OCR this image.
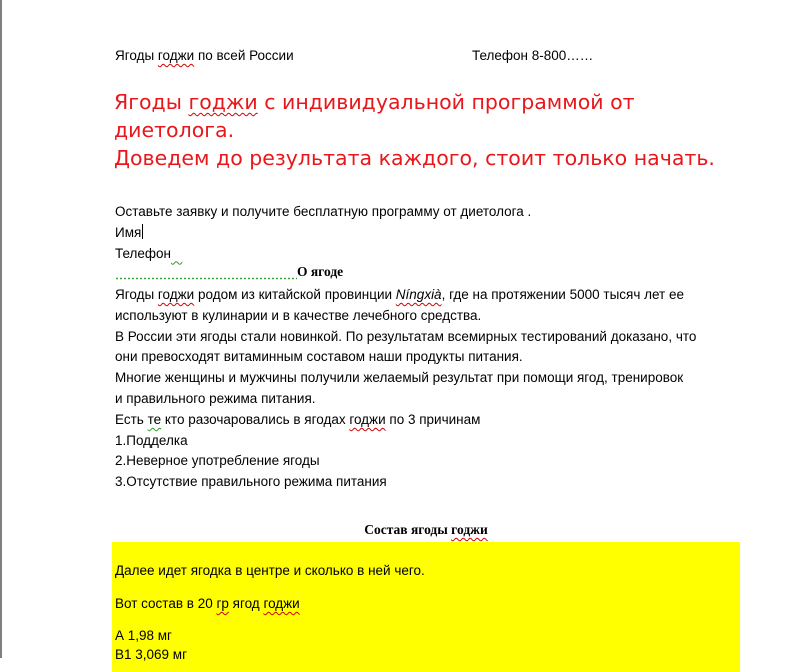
Ягоды годжи по всей России	Телефон 8-800……
Ягоды годжи с индивидуальной программой от
диетолога.
Доведем до результата каждого, стоит только начать.
Оставьте заявку и получите бесплатную программу от диетолога .
Имя
Телефон
О ягоде
Ягоды годжи родом из китайской провинции Níngxià, где на протяжении 5000 тысяч лет ее
используют в кулинарии и в качестве лечебного средства.
В России эти ягоды стали новинкой. По результатам всемирных тестирований доказано, что
они превосходят витаминным составом наши продукты питания.
Многие женщины и мужчины получили желаемый результат при помощи ягод, тренировок
и правильного режима питания.
Есть те кто разочаровались в ягодах годжи по 3 причинам
1.Подделка
2.Неверное употребление ягоды
3.Отсутствие правильного режима питания
Состав ягоды годжи
Далее идет ягодка в центре и сколько в ней чего.
Вот состав в 20 гр ягод годжи
А 1,98 мг
В1 3,069 мг
